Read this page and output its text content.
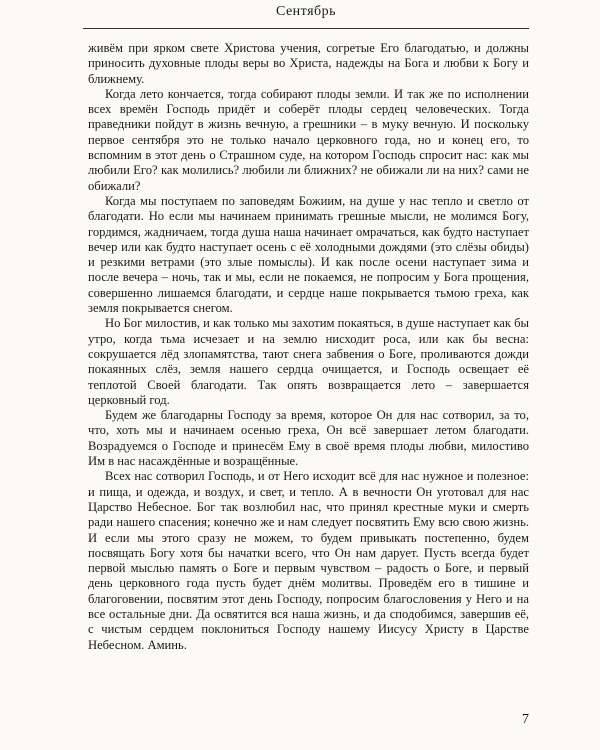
Сентябрь

живём при ярком свете Христова учения, согретые Его благодатью, и должны приносить духовные плоды веры во Христа, надежды на Бога и любви к Богу и ближнему.

Когда лето кончается, тогда собирают плоды земли. И так же по исполнении всех времён Господь придёт и соберёт плоды сердец человеческих. Тогда праведники пойдут в жизнь вечную, а грешники – в муку вечную. И поскольку первое сентября это не только начало церковного года, но и конец его, то вспомним в этот день о Страшном суде, на котором Господь спросит нас: как мы любили Его? как молились? любили ли ближних? не обижали ли на них? сами не обижали?

Когда мы поступаем по заповедям Божиим, на душе у нас тепло и светло от благодати. Но если мы начинаем принимать грешные мысли, не молимся Богу, гордимся, жадничаем, тогда душа наша начинает омрачаться, как будто наступает вечер или как будто наступает осень с её холодными дождями (это слёзы обиды) и резкими ветрами (это злые помыслы). И как после осени наступает зима и после вечера – ночь, так и мы, если не покаемся, не попросим у Бога прощения, совершенно лишаемся благодати, и сердце наше покрывается тьмою греха, как земля покрывается снегом.

Но Бог милостив, и как только мы захотим покаяться, в душе наступает как бы утро, когда тьма исчезает и на землю нисходит роса, или как бы весна: сокрушается лёд злопамятства, тают снега забвения о Боге, проливаются дожди покаянных слёз, земля нашего сердца очищается, и Господь освещает её теплотой Своей благодати. Так опять возвращается лето – завершается церковный год.

Будем же благодарны Господу за время, которое Он для нас сотворил, за то, что, хоть мы и начинаем осенью греха, Он всё завершает летом благодати. Возрадуемся о Господе и принесём Ему в своё время плоды любви, милостиво Им в нас насаждённые и возращённые.

Всех нас сотворил Господь, и от Него исходит всё для нас нужное и полезное: и пища, и одежда, и воздух, и свет, и тепло. А в вечности Он уготовал для нас Царство Небесное. Бог так возлюбил нас, что принял крестные муки и смерть ради нашего спасения; конечно же и нам следует посвятить Ему всю свою жизнь. И если мы этого сразу не можем, то будем привыкать постепенно, будем посвящать Богу хотя бы начатки всего, что Он нам дарует. Пусть всегда будет первой мыслью память о Боге и первым чувством – радость о Боге, и первый день церковного года пусть будет днём молитвы. Проведём его в тишине и благоговении, посвятим этот день Господу, попросим благословения у Него и на все остальные дни. Да освятится вся наша жизнь, и да сподобимся, завершив её, с чистым сердцем поклониться Господу нашему Иисусу Христу в Царстве Небесном. Аминь.

7
